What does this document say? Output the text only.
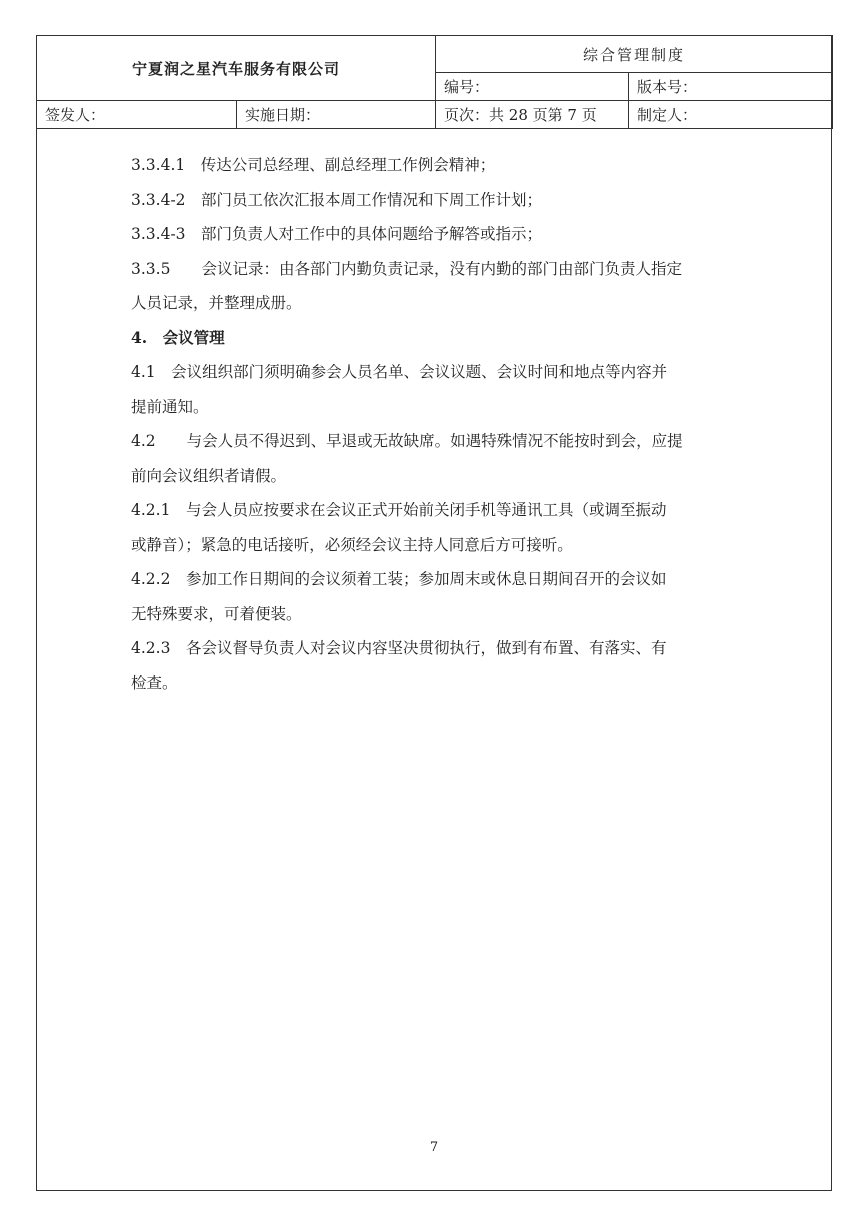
宁夏润之星汽车服务有限公司		综合管理制度	
		编号：	版本号：
签发人：	实施日期：	页次：共 28 页第 7 页	制定人：

3.3.4.1　传达公司总经理、副总经理工作例会精神；

3.3.4-2　部门员工依次汇报本周工作情况和下周工作计划；

3.3.4-3　部门负责人对工作中的具体问题给予解答或指示；

3.3.5　　会议记录：由各部门内勤负责记录，没有内勤的部门由部门负责人指定

人员记录，并整理成册。

4.　会议管理

4.1　会议组织部门须明确参会人员名单、会议议题、会议时间和地点等内容并

提前通知。

4.2　　与会人员不得迟到、早退或无故缺席。如遇特殊情况不能按时到会，应提

前向会议组织者请假。

4.2.1　与会人员应按要求在会议正式开始前关闭手机等通讯工具（或调至振动

或静音）；紧急的电话接听，必须经会议主持人同意后方可接听。

4.2.2　参加工作日期间的会议须着工装；参加周末或休息日期间召开的会议如

无特殊要求，可着便装。

4.2.3　各会议督导负责人对会议内容坚决贯彻执行，做到有布置、有落实、有

检查。

7
